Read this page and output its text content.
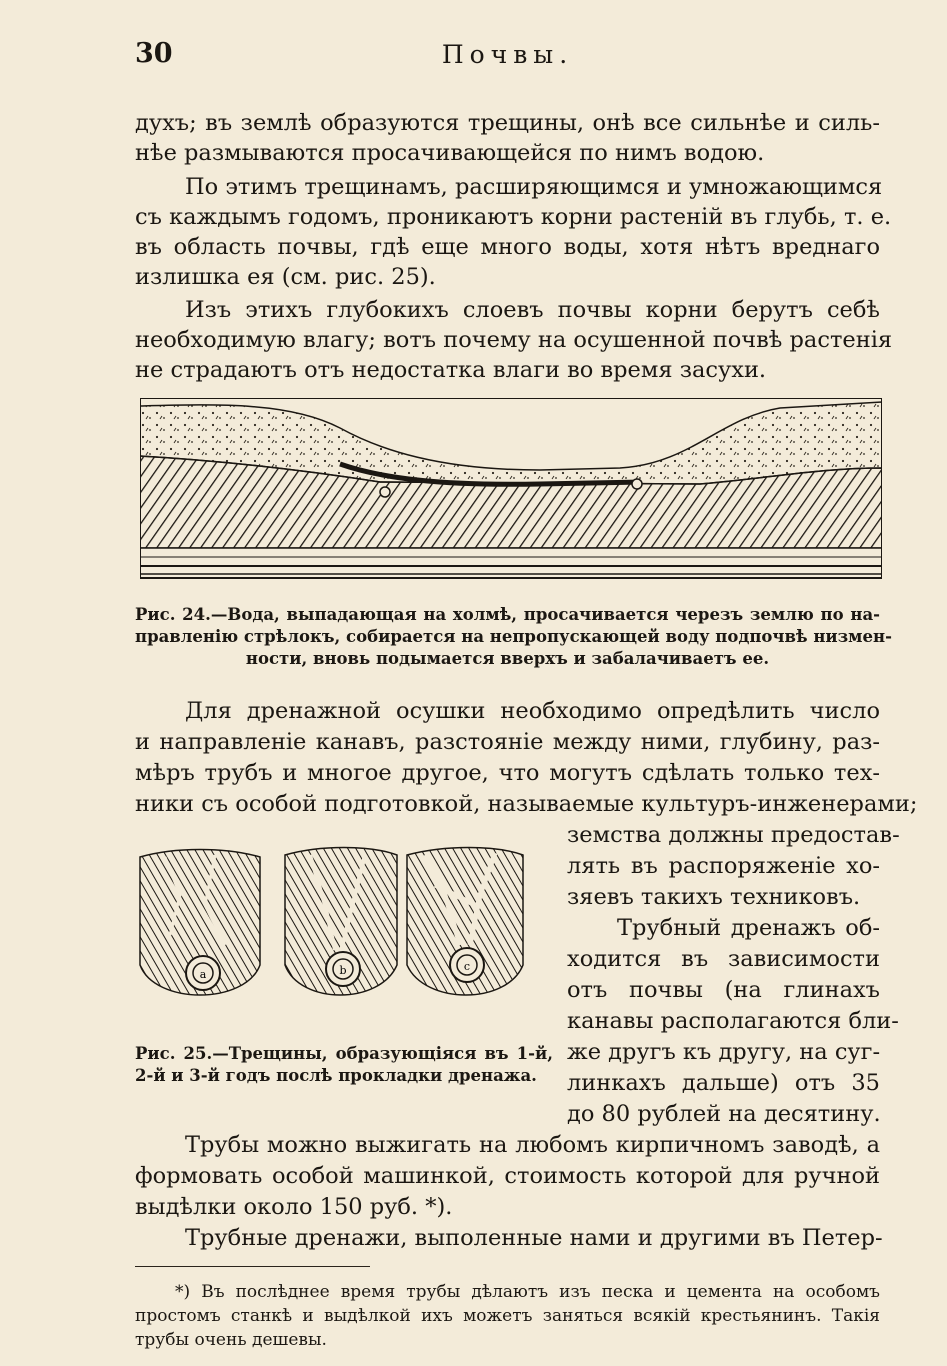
30	Почвы.
духъ; въ землѣ образуются трещины, онѣ все сильнѣе и силь-
нѣе размываются просачивающейся по нимъ водою.
По этимъ трещинамъ, расширяющимся и умножающимся
съ каждымъ годомъ, проникаютъ корни растеній въ глубь, т. е.
въ область почвы, гдѣ еще много воды, хотя нѣтъ вреднаго
излишка ея (см. рис. 25).
Изъ этихъ глубокихъ слоевъ почвы корни берутъ себѣ
необходимую влагу; вотъ почему на осушенной почвѣ растенія
не страдаютъ отъ недостатка влаги во время засухи.
Рис. 24.—Вода, выпадающая на холмѣ, просачивается черезъ землю по на-
правленію стрѣлокъ, собирается на непропускающей воду подпочвѣ низмен-
ности, вновь подымается вверхъ и забалачиваетъ ее.
Для дренажной осушки необходимо опредѣлить число
и направленіе канавъ, разстояніе между ними, глубину, раз-
мѣръ трубъ и многое другое, что могутъ сдѣлать только тех-
ники съ особой подготовкой, называемые культуръ-инженерами;
a	b	c
Рис. 25.—Трещины, образующіяся въ 1-й,
2-й и 3-й годъ послѣ прокладки дренажа.
земства должны предостав-
лять въ распоряженіе хо-
зяевъ такихъ техниковъ.
Трубный дренажъ об-
ходится въ зависимости
отъ почвы (на глинахъ
канавы располагаются бли-
же другъ къ другу, на суг-
линкахъ дальше) отъ 35
до 80 рублей на десятину.
Трубы можно выжигать на любомъ кирпичномъ заводѣ, а
формовать особой машинкой, стоимость которой для ручной
выдѣлки около 150 руб. *).
Трубные дренажи, выполенные нами и другими въ Петер-
*) Въ послѣднее время трубы дѣлаютъ изъ песка и цемента на особомъ
простомъ станкѣ и выдѣлкой ихъ можетъ заняться всякій крестьянинъ. Такія
трубы очень дешевы.
